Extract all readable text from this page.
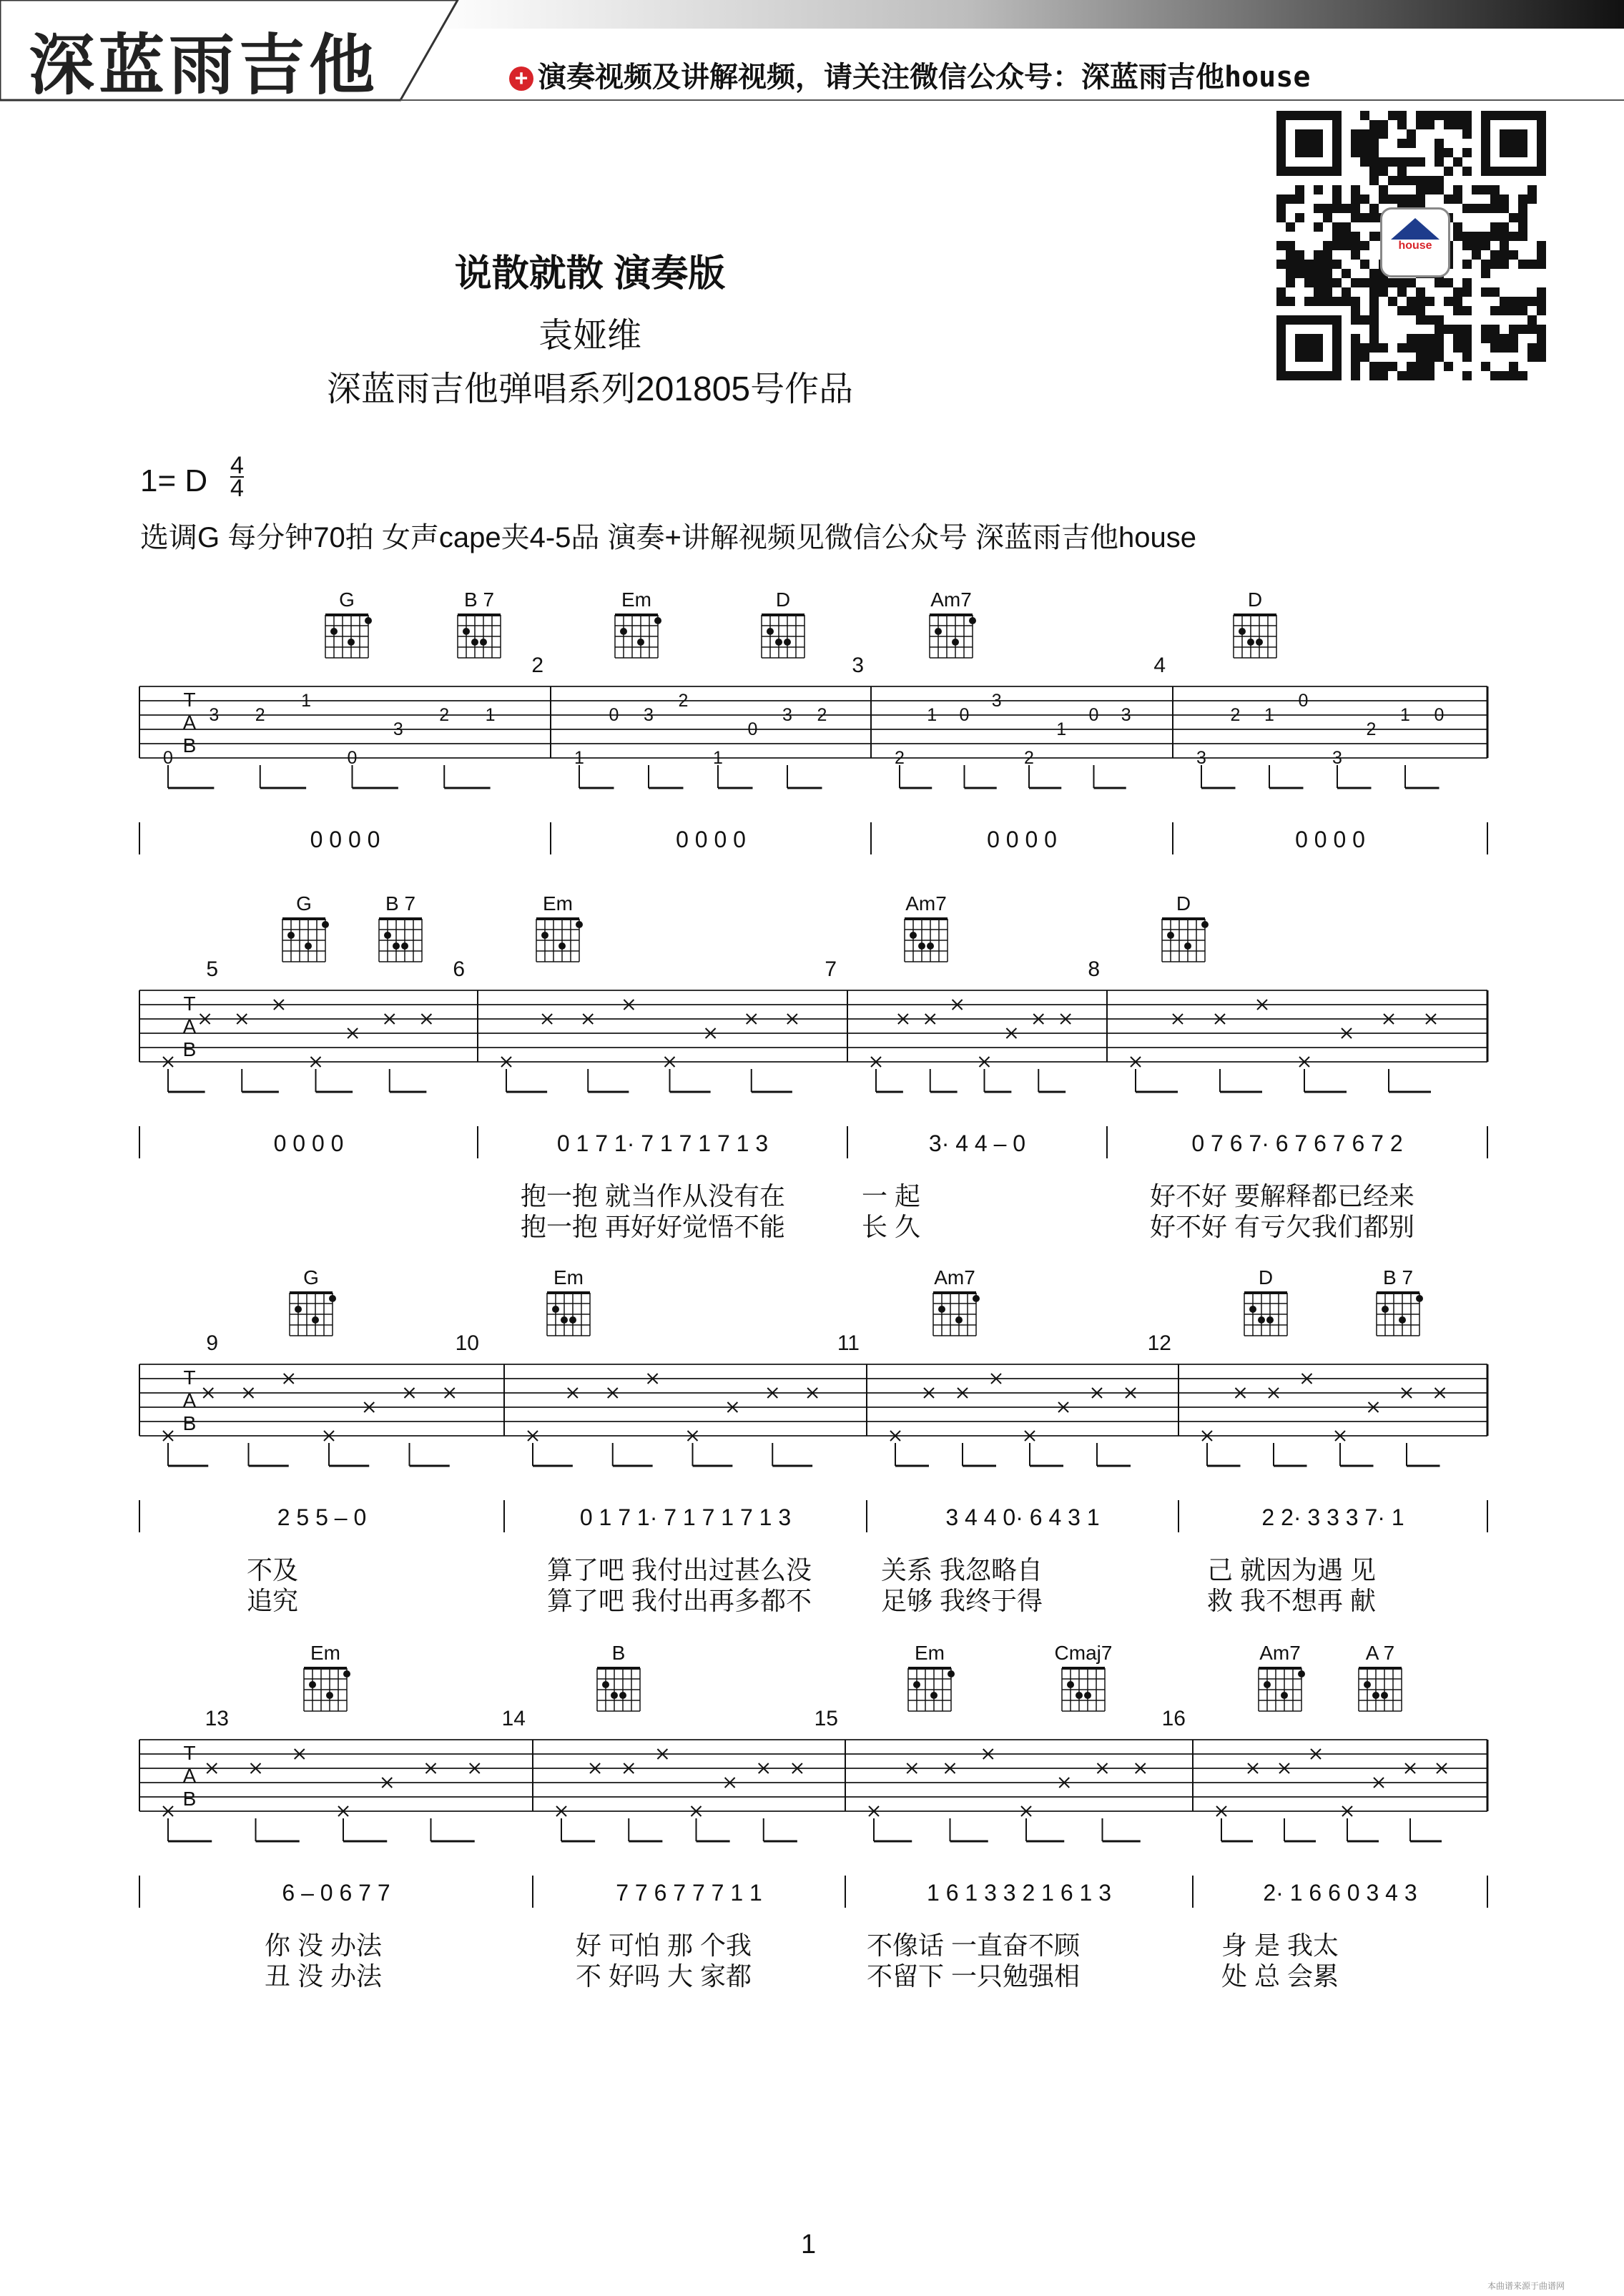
深蓝雨吉他	+ 演奏视频及讲解视频，请关注微信公众号：深蓝雨吉他house
house
说散就散 演奏版
袁娅维
深蓝雨吉他弹唱系列201805号作品
1= D 4
4
选调G 每分钟70拍 女声cape夹4-5品 演奏+讲解视频见微信公众号 深蓝雨吉他house
T
A
B
2	3	4
G	B 7	Em	D	Am7	D
0
3 2
1
0
3
2 1
1
0 3
2
1
0
3 2
2
1 0
3
2
1
0 3
3
2 1
0
3
2
1 0
0 0 0 0	0 0 0 0	0 0 0 0	0 0 0 0
T
A
B
5	6	7	8
G	B 7	Em	Am7	D
0 0 0 0	0 1 7 1· 7 1 7 1 7 1 3	3· 4 4 – 0	0 7 6 7· 6 7 6 7 6 7 2
抱一抱 就当作从没有在	一 起	好不好 要解释都已经来
抱一抱 再好好觉悟不能	长 久	好不好 有亏欠我们都别
T
A
B
9	10	11	12
G	Em	Am7	D	B 7
2 5 5 – 0	0 1 7 1· 7 1 7 1 7 1 3	3 4 4 0· 6 4 3 1	2 2· 3 3 3 7· 1
不及	算了吧 我付出过甚么没	关系 我忽略自	己 就因为遇 见
追究	算了吧 我付出再多都不	足够 我终于得	救 我不想再 献
T
A
B
13	14	15	16
Em	B	Em	Cmaj7	Am7	A 7
6 – 0 6 7 7	7 7 6 7 7 7 1 1	1 6 1 3 3 2 1 6 1 3	2· 1 6 6 0 3 4 3
你 没 办法	好 可怕 那 个我	不像话 一直奋不顾	身 是 我太
丑 没 办法	不 好吗 大 家都	不留下 一只勉强相	处 总 会累
1
本曲谱来源于曲谱网
